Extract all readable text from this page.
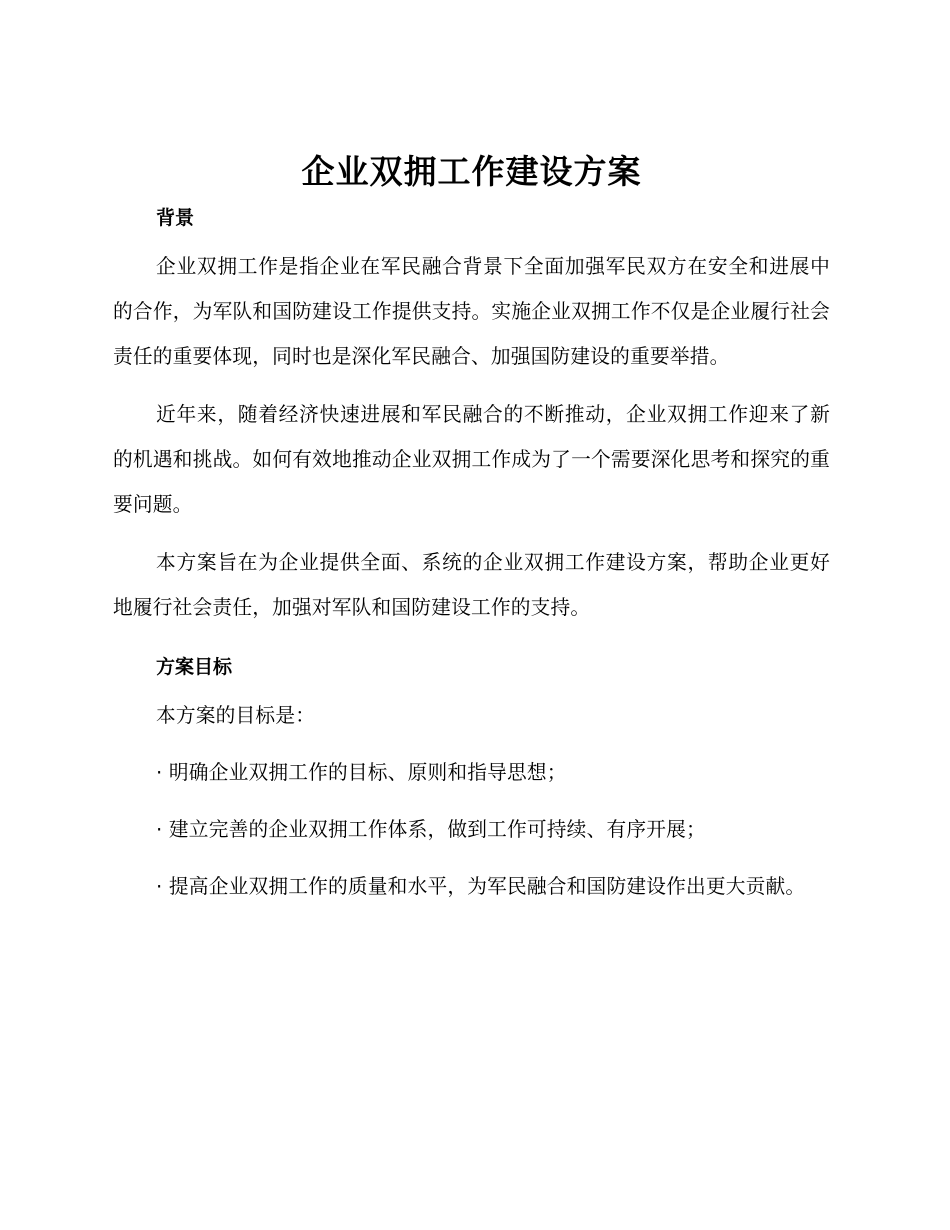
企业双拥工作建设方案
背景
企业双拥工作是指企业在军民融合背景下全面加强军民双方在安全和进展中的合作，为军队和国防建设工作提供支持。实施企业双拥工作不仅是企业履行社会责任的重要体现，同时也是深化军民融合、加强国防建设的重要举措。
近年来，随着经济快速进展和军民融合的不断推动，企业双拥工作迎来了新的机遇和挑战。如何有效地推动企业双拥工作成为了一个需要深化思考和探究的重要问题。
本方案旨在为企业提供全面、系统的企业双拥工作建设方案，帮助企业更好地履行社会责任，加强对军队和国防建设工作的支持。
方案目标
本方案的目标是：
· 明确企业双拥工作的目标、原则和指导思想；
· 建立完善的企业双拥工作体系，做到工作可持续、有序开展；
· 提高企业双拥工作的质量和水平，为军民融合和国防建设作出更大贡献。
